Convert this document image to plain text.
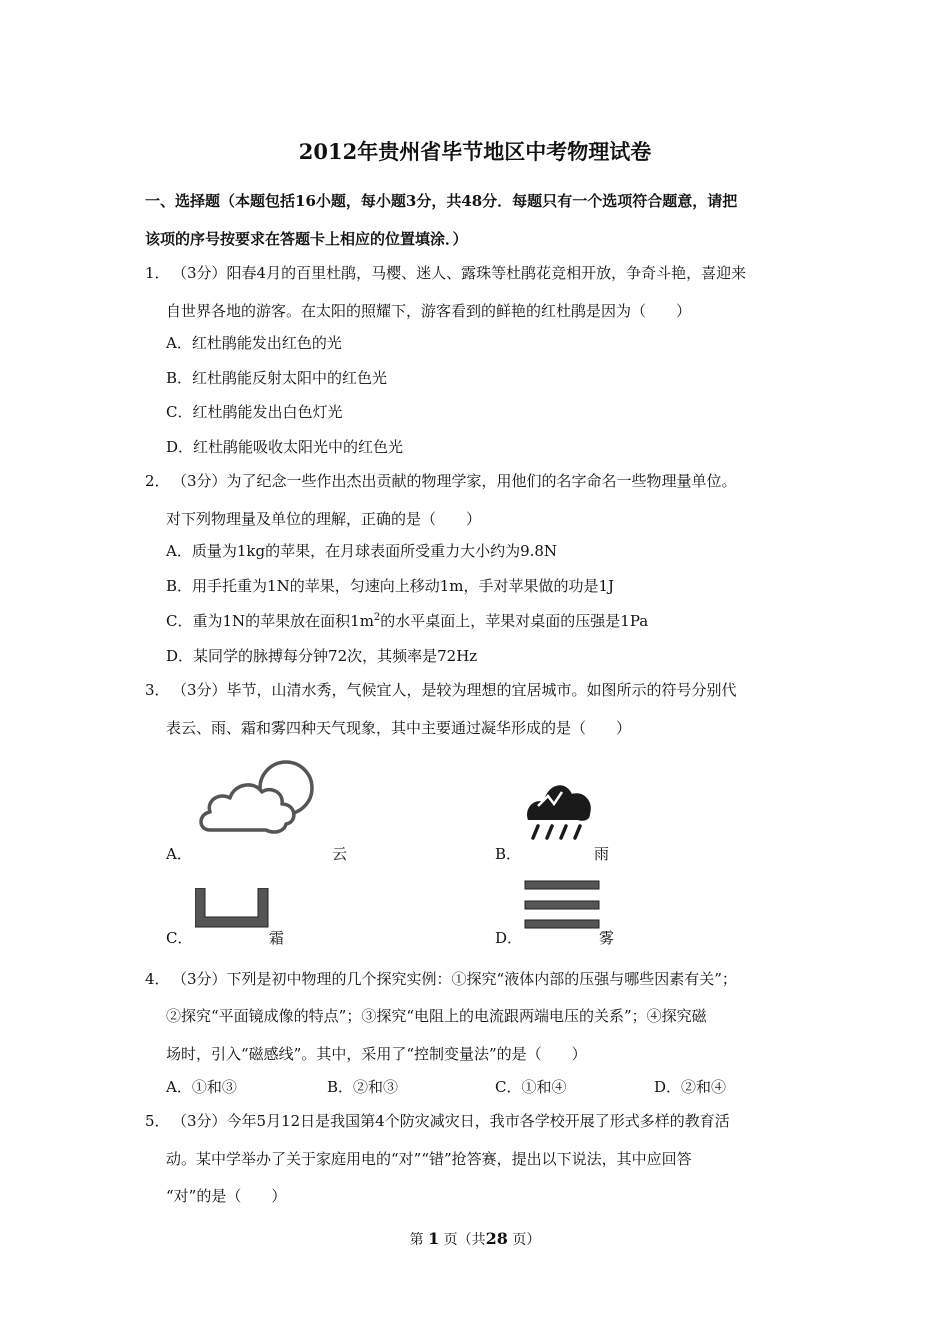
2012年贵州省毕节地区中考物理试卷
一、选择题（本题包括16小题，每小题3分，共48分．每题只有一个选项符合题意，请把
该项的序号按要求在答题卡上相应的位置填涂．）
1． （3分）阳春4月的百里杜鹃，马樱、迷人、露珠等杜鹃花竞相开放，争奇斗艳，喜迎来
自世界各地的游客。在太阳的照耀下，游客看到的鲜艳的红杜鹃是因为（　　）
A．红杜鹃能发出红色的光
B．红杜鹃能反射太阳中的红色光
C．红杜鹃能发出白色灯光
D．红杜鹃能吸收太阳光中的红色光
2． （3分）为了纪念一些作出杰出贡献的物理学家，用他们的名字命名一些物理量单位。
对下列物理量及单位的理解，正确的是（　　）
A．质量为1kg的苹果，在月球表面所受重力大小约为9.8N
B．用手托重为1N的苹果，匀速向上移动1m，手对苹果做的功是1J
C．重为1N的苹果放在面积$1m^2$的水平桌面上，苹果对桌面的压强是1Pa
D．某同学的脉搏每分钟72次，其频率是72Hz
3． （3分）毕节，山清水秀，气候宜人，是较为理想的宜居城市。如图所示的符号分别代
表云、雨、霜和雾四种天气现象，其中主要通过凝华形成的是（　　）
A．	云	B．	雨
C．	霜	D．	雾
4． （3分）下列是初中物理的几个探究实例：①探究“液体内部的压强与哪些因素有关”；
②探究“平面镜成像的特点”；③探究“电阻上的电流跟两端电压的关系”；④探究磁
场时，引入“磁感线”。其中，采用了“控制变量法”的是（　　）
A．①和③	B．②和③	C．①和④	D．②和④
5． （3分）今年5月12日是我国第4个防灾减灾日，我市各学校开展了形式多样的教育活
动。某中学举办了关于家庭用电的“对”“错”抢答赛，提出以下说法，其中应回答
“对”的是（　　）
第 1 页（共28 页）
